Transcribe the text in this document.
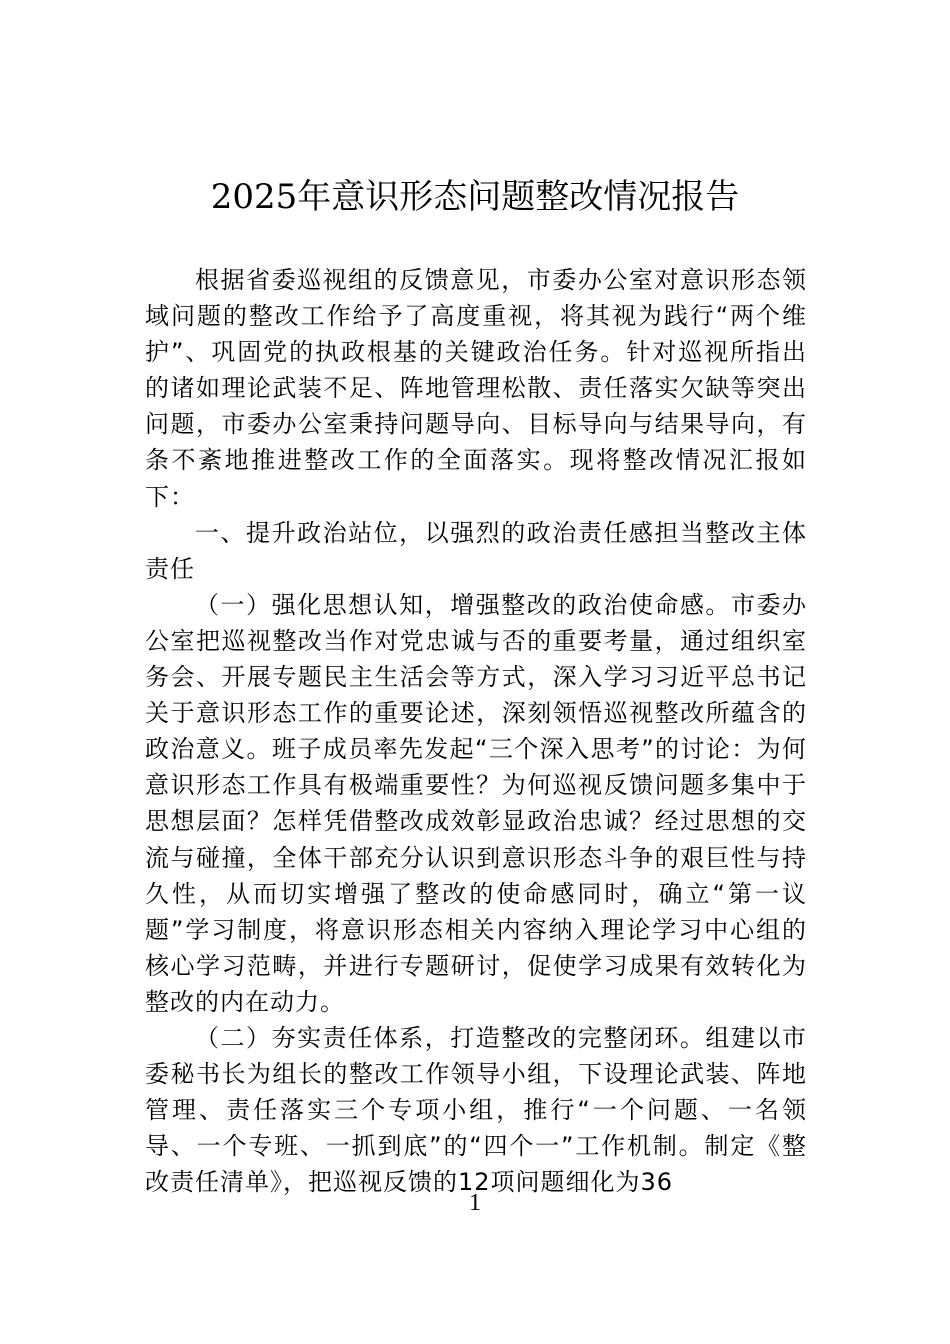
2025年意识形态问题整改情况报告

根据省委巡视组的反馈意见，市委办公室对意识形态领域问题的整改工作给予了高度重视，将其视为践行“两个维护”、巩固党的执政根基的关键政治任务。针对巡视所指出的诸如理论武装不足、阵地管理松散、责任落实欠缺等突出问题，市委办公室秉持问题导向、目标导向与结果导向，有条不紊地推进整改工作的全面落实。现将整改情况汇报如下：

一、提升政治站位，以强烈的政治责任感担当整改主体责任

（一）强化思想认知，增强整改的政治使命感。市委办公室把巡视整改当作对党忠诚与否的重要考量，通过组织室务会、开展专题民主生活会等方式，深入学习习近平总书记关于意识形态工作的重要论述，深刻领悟巡视整改所蕴含的政治意义。班子成员率先发起“三个深入思考”的讨论：为何意识形态工作具有极端重要性？为何巡视反馈问题多集中于思想层面？怎样凭借整改成效彰显政治忠诚？经过思想的交流与碰撞，全体干部充分认识到意识形态斗争的艰巨性与持久性，从而切实增强了整改的使命感同时，确立“第一议题”学习制度，将意识形态相关内容纳入理论学习中心组的核心学习范畴，并进行专题研讨，促使学习成果有效转化为整改的内在动力。

（二）夯实责任体系，打造整改的完整闭环。组建以市委秘书长为组长的整改工作领导小组，下设理论武装、阵地管理、责任落实三个专项小组，推行“一个问题、一名领导、一个专班、一抓到底”的“四个一”工作机制。制定《整改责任清单》，把巡视反馈的12项问题细化为36

1
